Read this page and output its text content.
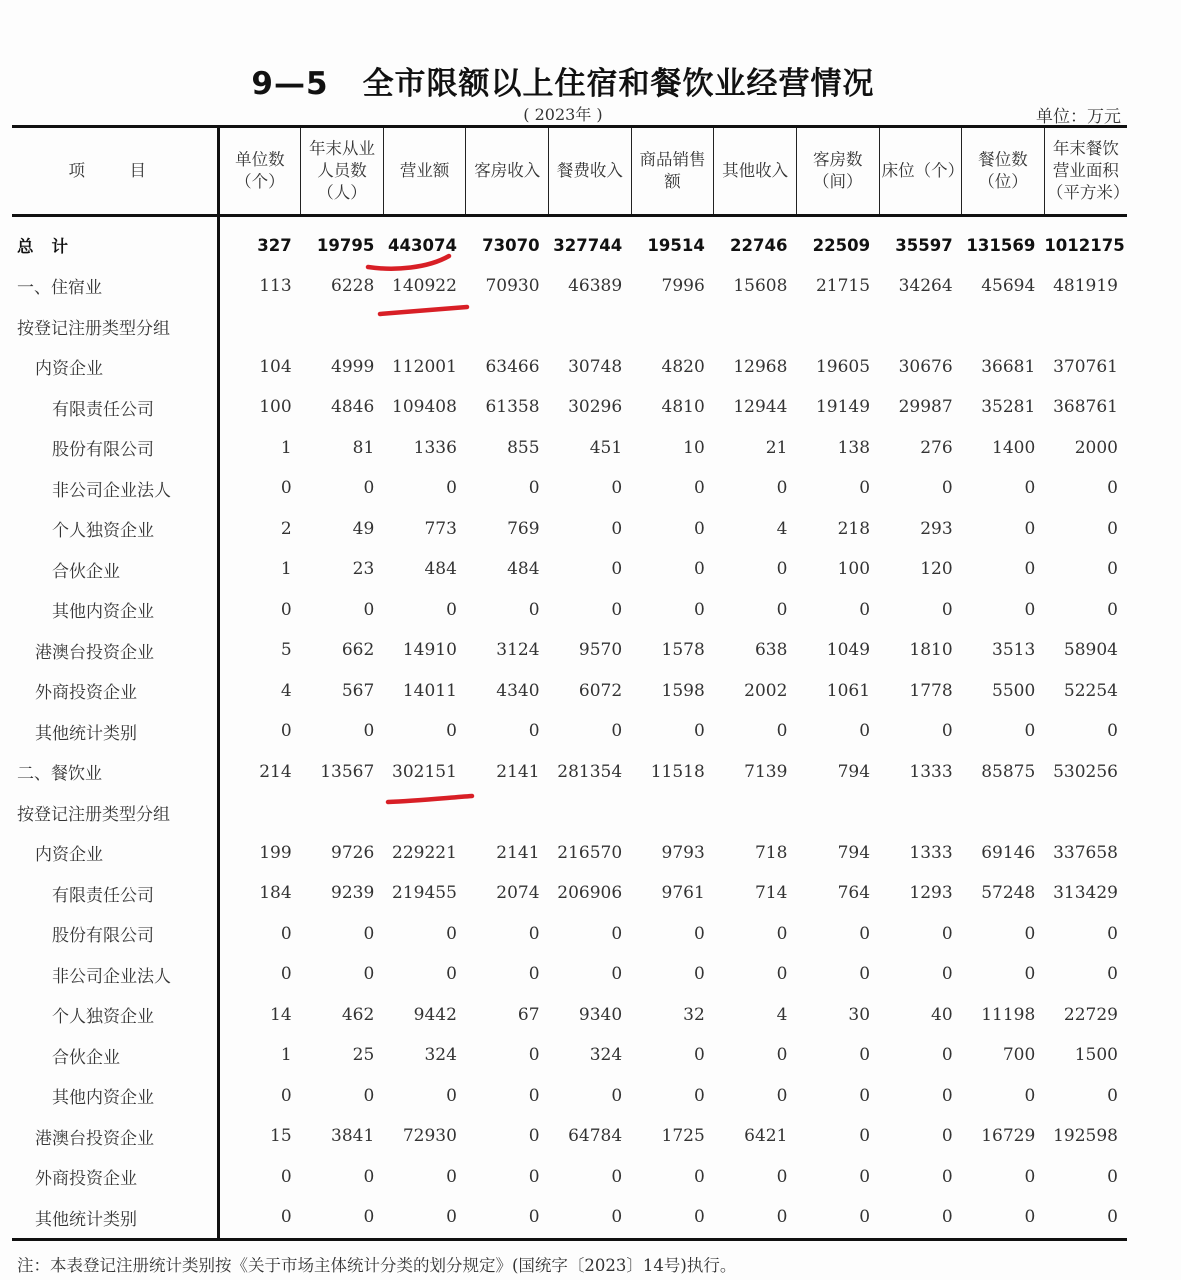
9—5 全市限额以上住宿和餐饮业经营情况
( 2023年 )	单位：万元
项　目	单位数（个）	年末从业人员数（人）	营业额	客房收入	餐费收入	商品销售额	其他收入	客房数（间）	床位（个）	餐位数（位）	年末餐饮营业面积（平方米）
总计	327	19795	443074	73070	327744	19514	22746	22509	35597	131569	1012175
一、住宿业	113	6228	140922	70930	46389	7996	15608	21715	34264	45694	481919
按登记注册类型分组											
内资企业	104	4999	112001	63466	30748	4820	12968	19605	30676	36681	370761
有限责任公司	100	4846	109408	61358	30296	4810	12944	19149	29987	35281	368761
股份有限公司	1	81	1336	855	451	10	21	138	276	1400	2000
非公司企业法人	0	0	0	0	0	0	0	0	0	0	0
个人独资企业	2	49	773	769	0	0	4	218	293	0	0
合伙企业	1	23	484	484	0	0	0	100	120	0	0
其他内资企业	0	0	0	0	0	0	0	0	0	0	0
港澳台投资企业	5	662	14910	3124	9570	1578	638	1049	1810	3513	58904
外商投资企业	4	567	14011	4340	6072	1598	2002	1061	1778	5500	52254
其他统计类别	0	0	0	0	0	0	0	0	0	0	0
二、餐饮业	214	13567	302151	2141	281354	11518	7139	794	1333	85875	530256
按登记注册类型分组											
内资企业	199	9726	229221	2141	216570	9793	718	794	1333	69146	337658
有限责任公司	184	9239	219455	2074	206906	9761	714	764	1293	57248	313429
股份有限公司	0	0	0	0	0	0	0	0	0	0	0
非公司企业法人	0	0	0	0	0	0	0	0	0	0	0
个人独资企业	14	462	9442	67	9340	32	4	30	40	11198	22729
合伙企业	1	25	324	0	324	0	0	0	0	700	1500
其他内资企业	0	0	0	0	0	0	0	0	0	0	0
港澳台投资企业	15	3841	72930	0	64784	1725	6421	0	0	16729	192598
外商投资企业	0	0	0	0	0	0	0	0	0	0	0
其他统计类别	0	0	0	0	0	0	0	0	0	0	0
注：本表登记注册统计类别按《关于市场主体统计分类的划分规定》(国统字〔2023〕14号)执行。
